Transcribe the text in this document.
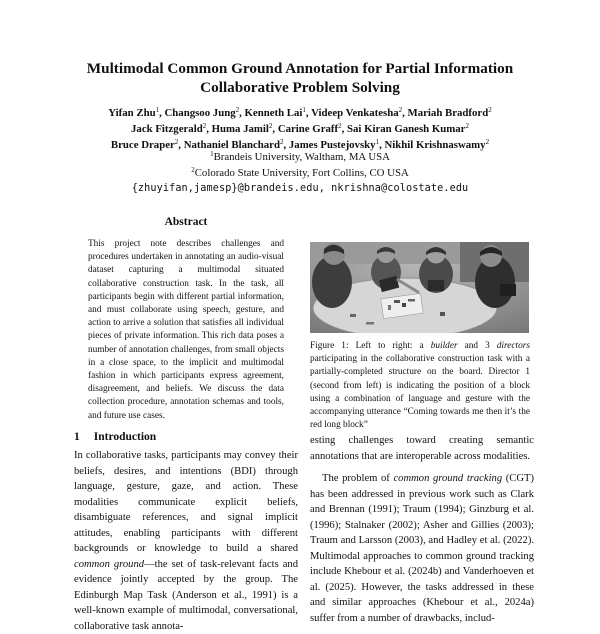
Multimodal Common Ground Annotation for Partial Information
Collaborative Problem Solving
Yifan Zhu$^1$, Changsoo Jung$^2$, Kenneth Lai$^1$, Videep Venkatesha$^2$, Mariah Bradford$^2$
Jack Fitzgerald$^2$, Huma Jamil$^2$, Carine Graff$^2$, Sai Kiran Ganesh Kumar$^2$
Bruce Draper$^2$, Nathaniel Blanchard$^2$, James Pustejovsky$^1$, Nikhil Krishnaswamy$^2$
$^1$Brandeis University, Waltham, MA USA
$^2$Colorado State University, Fort Collins, CO USA
{zhuyifan,jamesp}@brandeis.edu, nkrishna@colostate.edu
Abstract
This project note describes challenges and procedures undertaken in annotating an audio-visual dataset capturing a multimodal situated collaborative construction task. In the task, all participants begin with different partial information, and must collaborate using speech, gesture, and action to arrive a solution that satisfies all individual pieces of private information. This rich data poses a number of annotation challenges, from small objects in a close space, to the implicit and multimodal fashion in which participants express agreement, disagreement, and beliefs. We discuss the data collection procedure, annotation schemas and tools, and future use cases.
Figure 1: Left to right: a builder and 3 directors participating in the collaborative construction task with a partially-completed structure on the board. Director 1 (second from left) is indicating the position of a block using a combination of language and gesture with the accompanying utterance “Coming towards me then it’s the red long block”
1 Introduction

In collaborative tasks, participants may convey their beliefs, desires, and intentions (BDI) through language, gesture, gaze, and action. These modalities communicate explicit beliefs, disambiguate references, and signal implicit attitudes, enabling participants with different backgrounds or knowledge to build a shared common ground—the set of task-relevant facts and evidence jointly accepted by the group. The Edinburgh Map Task (Anderson et al., 1991) is a well-known example of multimodal, conversational, collaborative task annota-

esting challenges toward creating semantic annotations that are interoperable across modalities.

The problem of common ground tracking (CGT) has been addressed in previous work such as Clark and Brennan (1991); Traum (1994); Ginzburg et al. (1996); Stalnaker (2002); Asher and Gillies (2003); Traum and Larsson (2003), and Hadley et al. (2022). Multimodal approaches to common ground tracking include Khebour et al. (2024b) and Vanderhoeven et al. (2025). However, the tasks addressed in these and similar approaches (Khebour et al., 2024a) suffer from a number of drawbacks, includ-
